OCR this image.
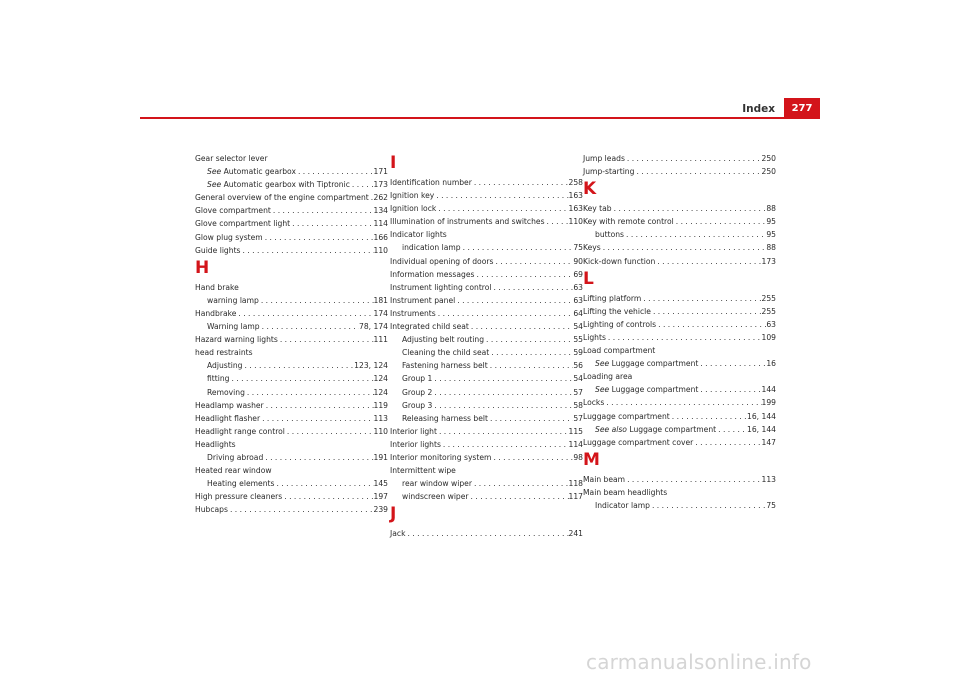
Index	277
Gear selector lever
See Automatic gearbox . . .	171
See Automatic gearbox with Tiptronic . . .	173
General overview of the engine compartment . . . 262
Glove compartment . . .	134
Glove compartment light . . .	114
Glow plug system . . .	166
Guide lights . . .	110
H
Hand brake
warning lamp . . .	181
Handbrake . . .	174
Warning lamp . . .	78, 174
Hazard warning lights . . .	111
head restraints
Adjusting . . .	123, 124
fitting . . .	124
Removing . . .	124
Headlamp washer . . .	119
Headlight flasher . . .	113
Headlight range control . . .	110
Headlights
Driving abroad . . .	191
Heated rear window
Heating elements . . .	145
High pressure cleaners . . .	197
Hubcaps . . .	239
I
Identification number . . .	258
Ignition key . . .	163
Ignition lock . . .	163
Illumination of instruments and switches . . .	110
Indicator lights
indication lamp . . .	75
Individual opening of doors . . .	90
Information messages . . .	69
Instrument lighting control . . .	63
Instrument panel . . .	63
Instruments . . .	64
Integrated child seat . . .	54
Adjusting belt routing . . .	55
Cleaning the child seat . . .	59
Fastening harness belt . . .	56
Group 1 . . .	54
Group 2 . . .	57
Group 3 . . .	58
Releasing harness belt . . .	57
Interior light . . .	115
Interior lights . . .	114
Interior monitoring system . . .	98
Intermittent wipe
rear window wiper . . .	118
windscreen wiper . . .	117
J
Jack . . .	241
Jump leads . . .	250
Jump-starting . . .	250
K
Key tab . . .	88
Key with remote control . . .	95
buttons . . .	95
Keys . . .	88
Kick-down function . . .	173
L
Lifting platform . . .	255
Lifting the vehicle . . .	255
Lighting of controls . . .	63
Lights . . .	109
Load compartment
See Luggage compartment . . .	16
Loading area
See Luggage compartment . . .	144
Locks . . .	199
Luggage compartment . . .	16, 144
See also Luggage compartment . . .	16, 144
Luggage compartment cover . . .	147
M
Main beam . . .	113
Main beam headlights
Indicator lamp . . .	75
carmanualsonline.info
